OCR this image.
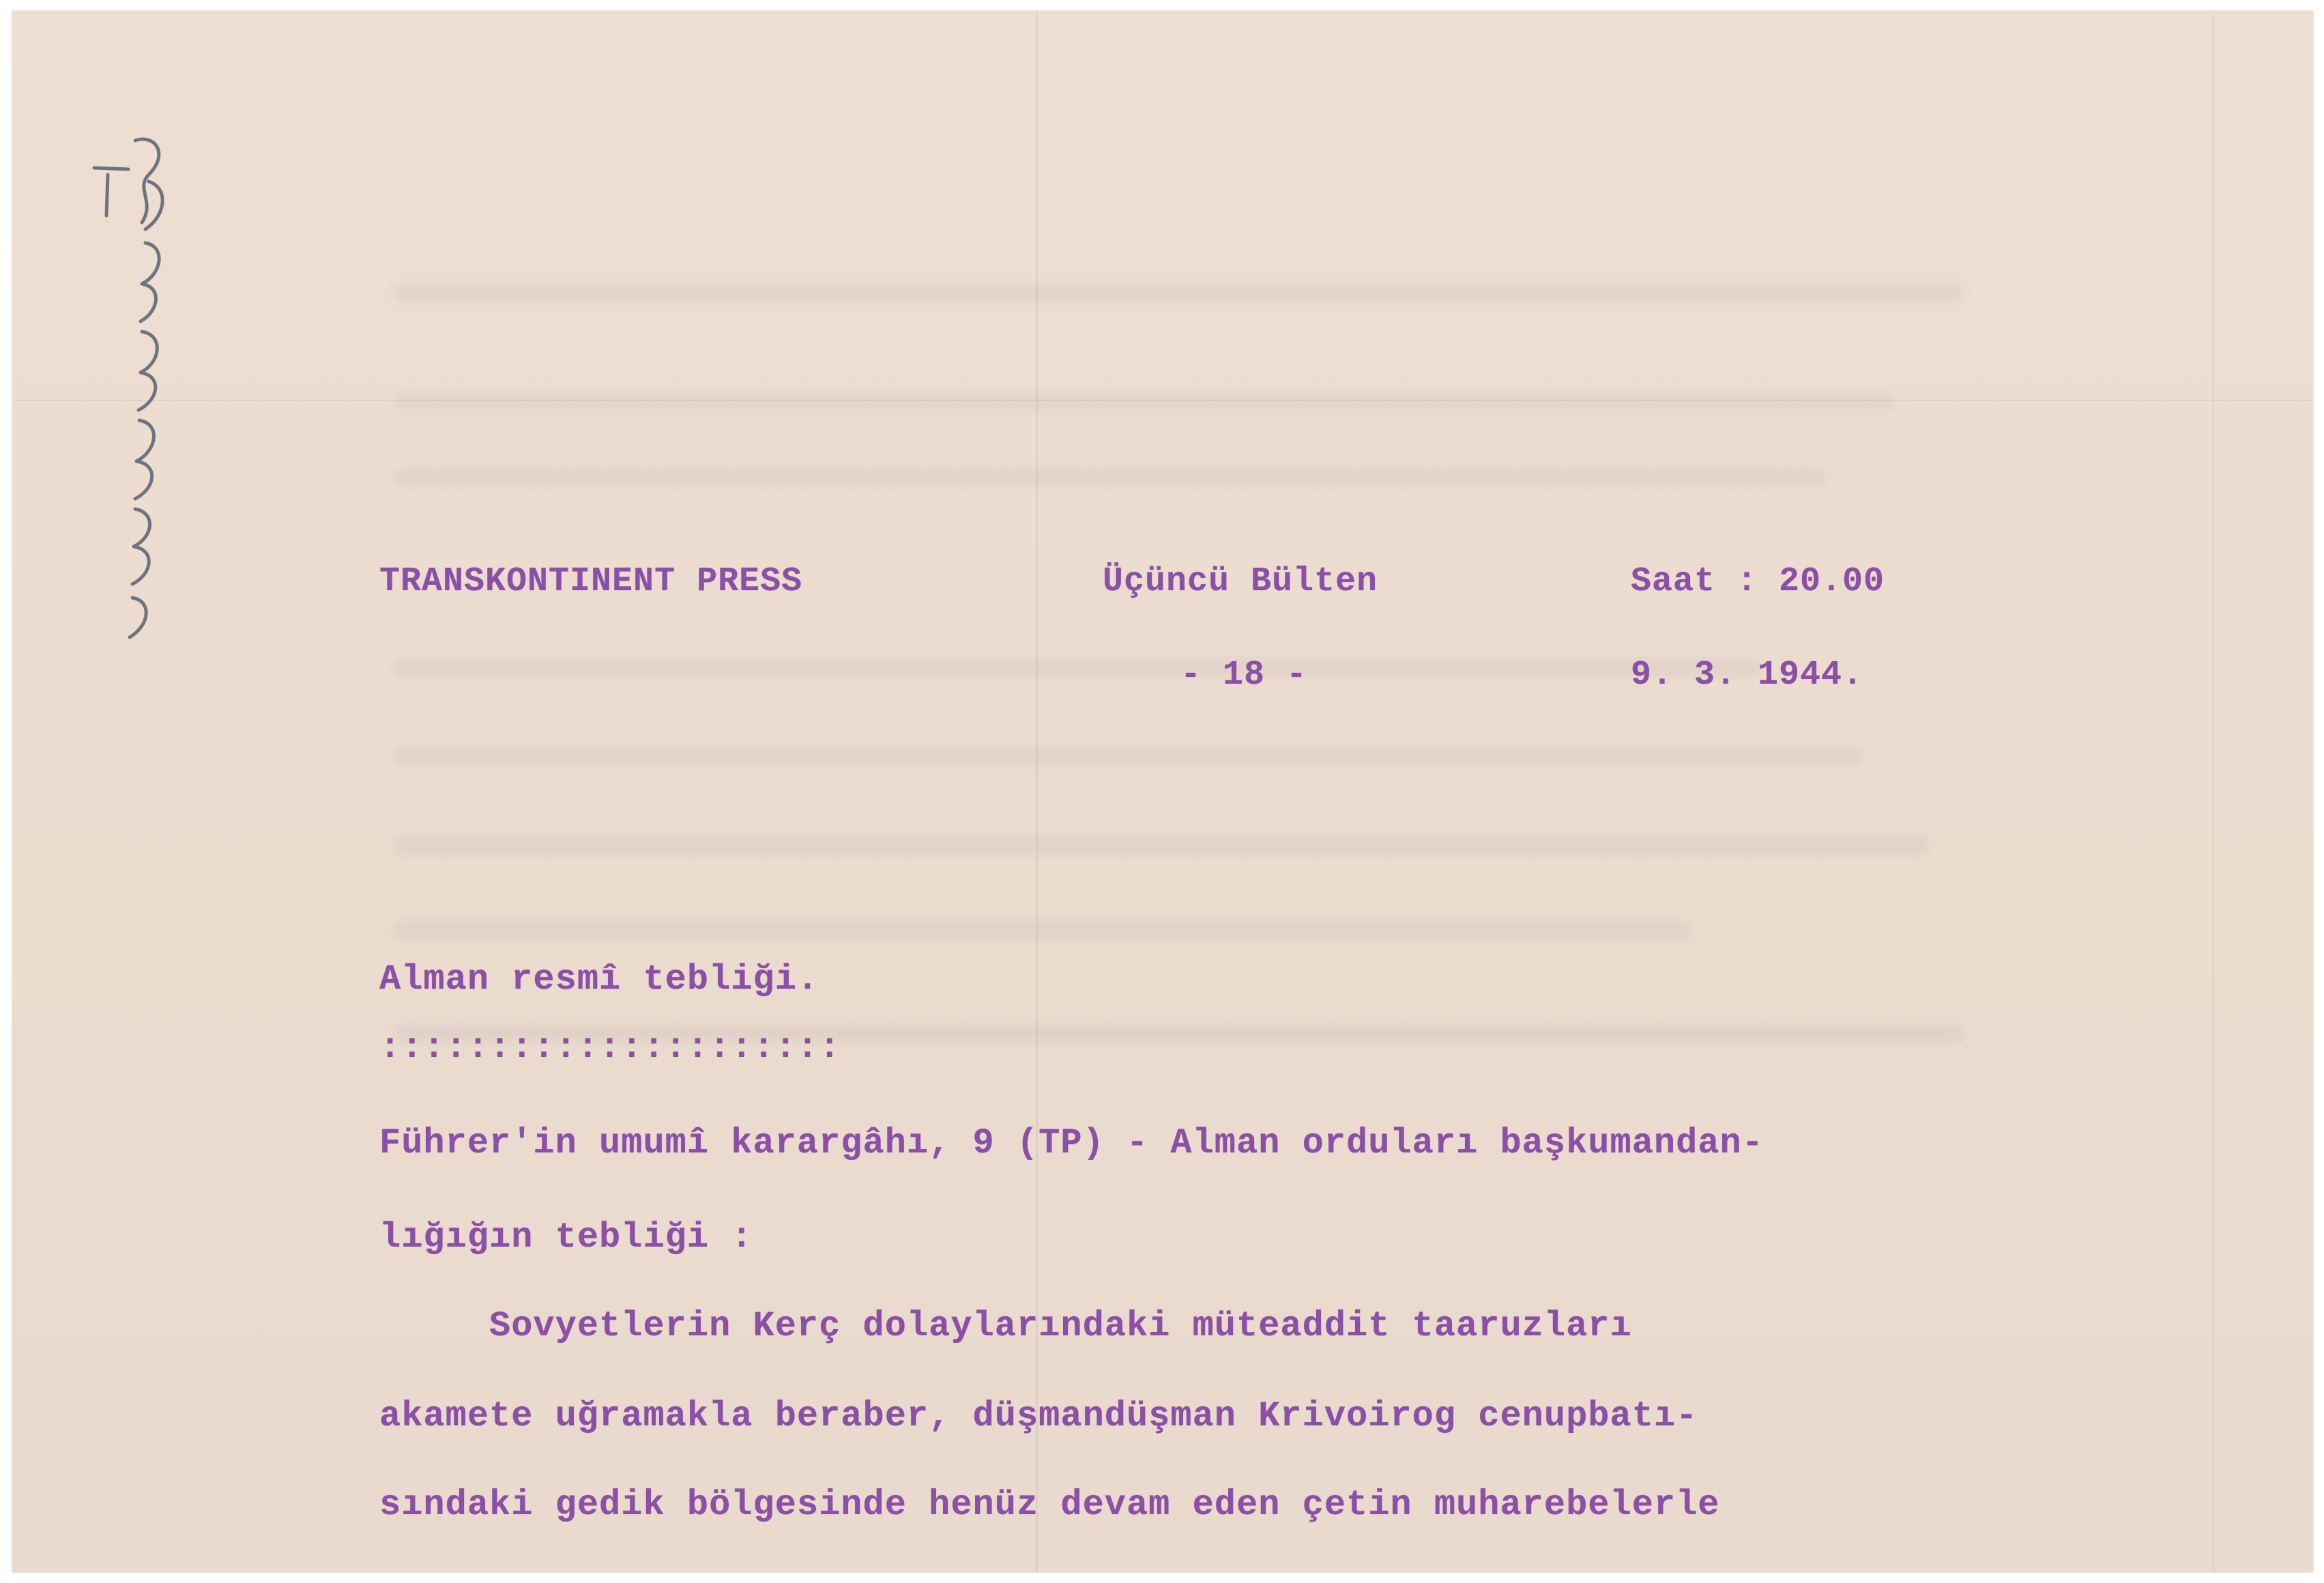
TRANSKONTINENT PRESS	Üçüncü Bülten	Saat : 20.00
- 18 -	9. 3. 1944.
Alman resmî tebliği.
:::::::::::::::::::::
Führer'in umumî karargâhı, 9 (TP) - Alman orduları başkumandan-
lığığın tebliği :
Sovyetlerin Kerç dolaylarındaki müteaddit taaruzları
akamete uğramakla beraber, düşmandüşman Krivoirog cenupbatı-
sındaki gedik bölgesinde henüz devam eden çetin muharebelerle
